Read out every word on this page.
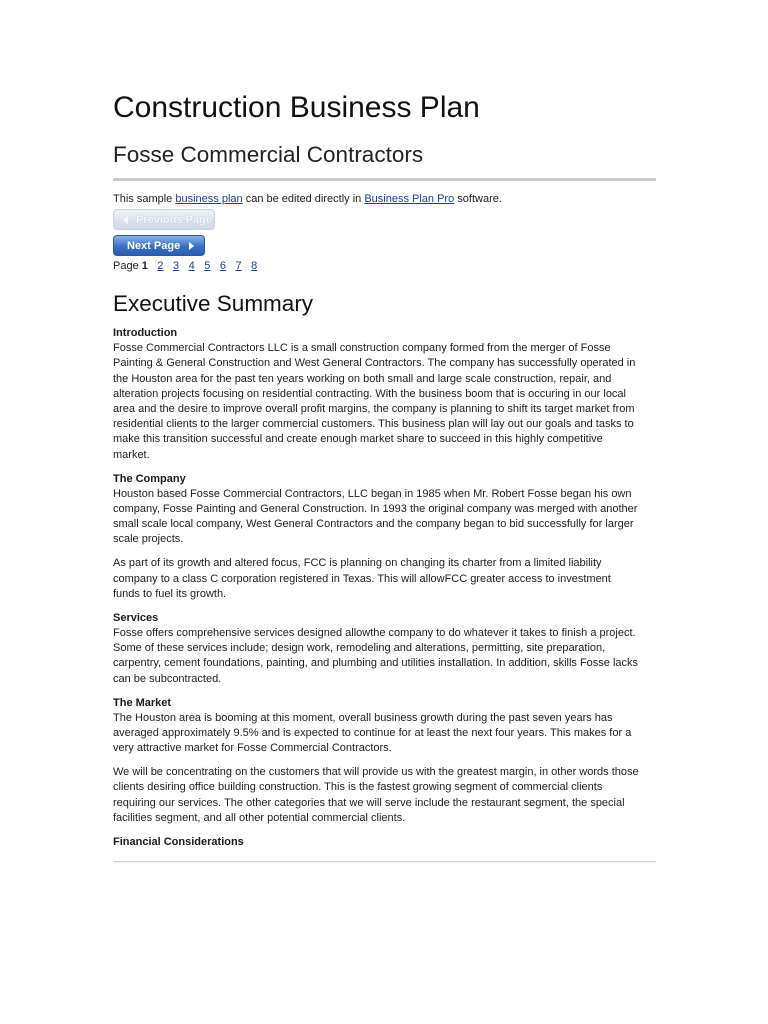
Construction Business Plan
Fosse Commercial Contractors
This sample business plan can be edited directly in Business Plan Pro software.
Previous Page
Next Page
Page 1 2 3 4 5 6 7 8
Executive Summary
Introduction
Fosse Commercial Contractors LLC is a small construction company formed from the merger of Fosse
Painting & General Construction and West General Contractors. The company has successfully operated in
the Houston area for the past ten years working on both small and large scale construction, repair, and
alteration projects focusing on residential contracting. With the business boom that is occuring in our local
area and the desire to improve overall profit margins, the company is planning to shift its target market from
residential clients to the larger commercial customers. This business plan will lay out our goals and tasks to
make this transition successful and create enough market share to succeed in this highly competitive
market.
The Company
Houston based Fosse Commercial Contractors, LLC began in 1985 when Mr. Robert Fosse began his own
company, Fosse Painting and General Construction. In 1993 the original company was merged with another
small scale local company, West General Contractors and the company began to bid successfully for larger
scale projects.
As part of its growth and altered focus, FCC is planning on changing its charter from a limited liability
company to a class C corporation registered in Texas. This will allowFCC greater access to investment
funds to fuel its growth.
Services
Fosse offers comprehensive services designed allowthe company to do whatever it takes to finish a project.
Some of these services include; design work, remodeling and alterations, permitting, site preparation,
carpentry, cement foundations, painting, and plumbing and utilities installation. In addition, skills Fosse lacks
can be subcontracted.
The Market
The Houston area is booming at this moment, overall business growth during the past seven years has
averaged approximately 9.5% and is expected to continue for at least the next four years. This makes for a
very attractive market for Fosse Commercial Contractors.
We will be concentrating on the customers that will provide us with the greatest margin, in other words those
clients desiring office building construction. This is the fastest growing segment of commercial clients
requiring our services. The other categories that we will serve include the restaurant segment, the special
facilities segment, and all other potential commercial clients.
Financial Considerations
